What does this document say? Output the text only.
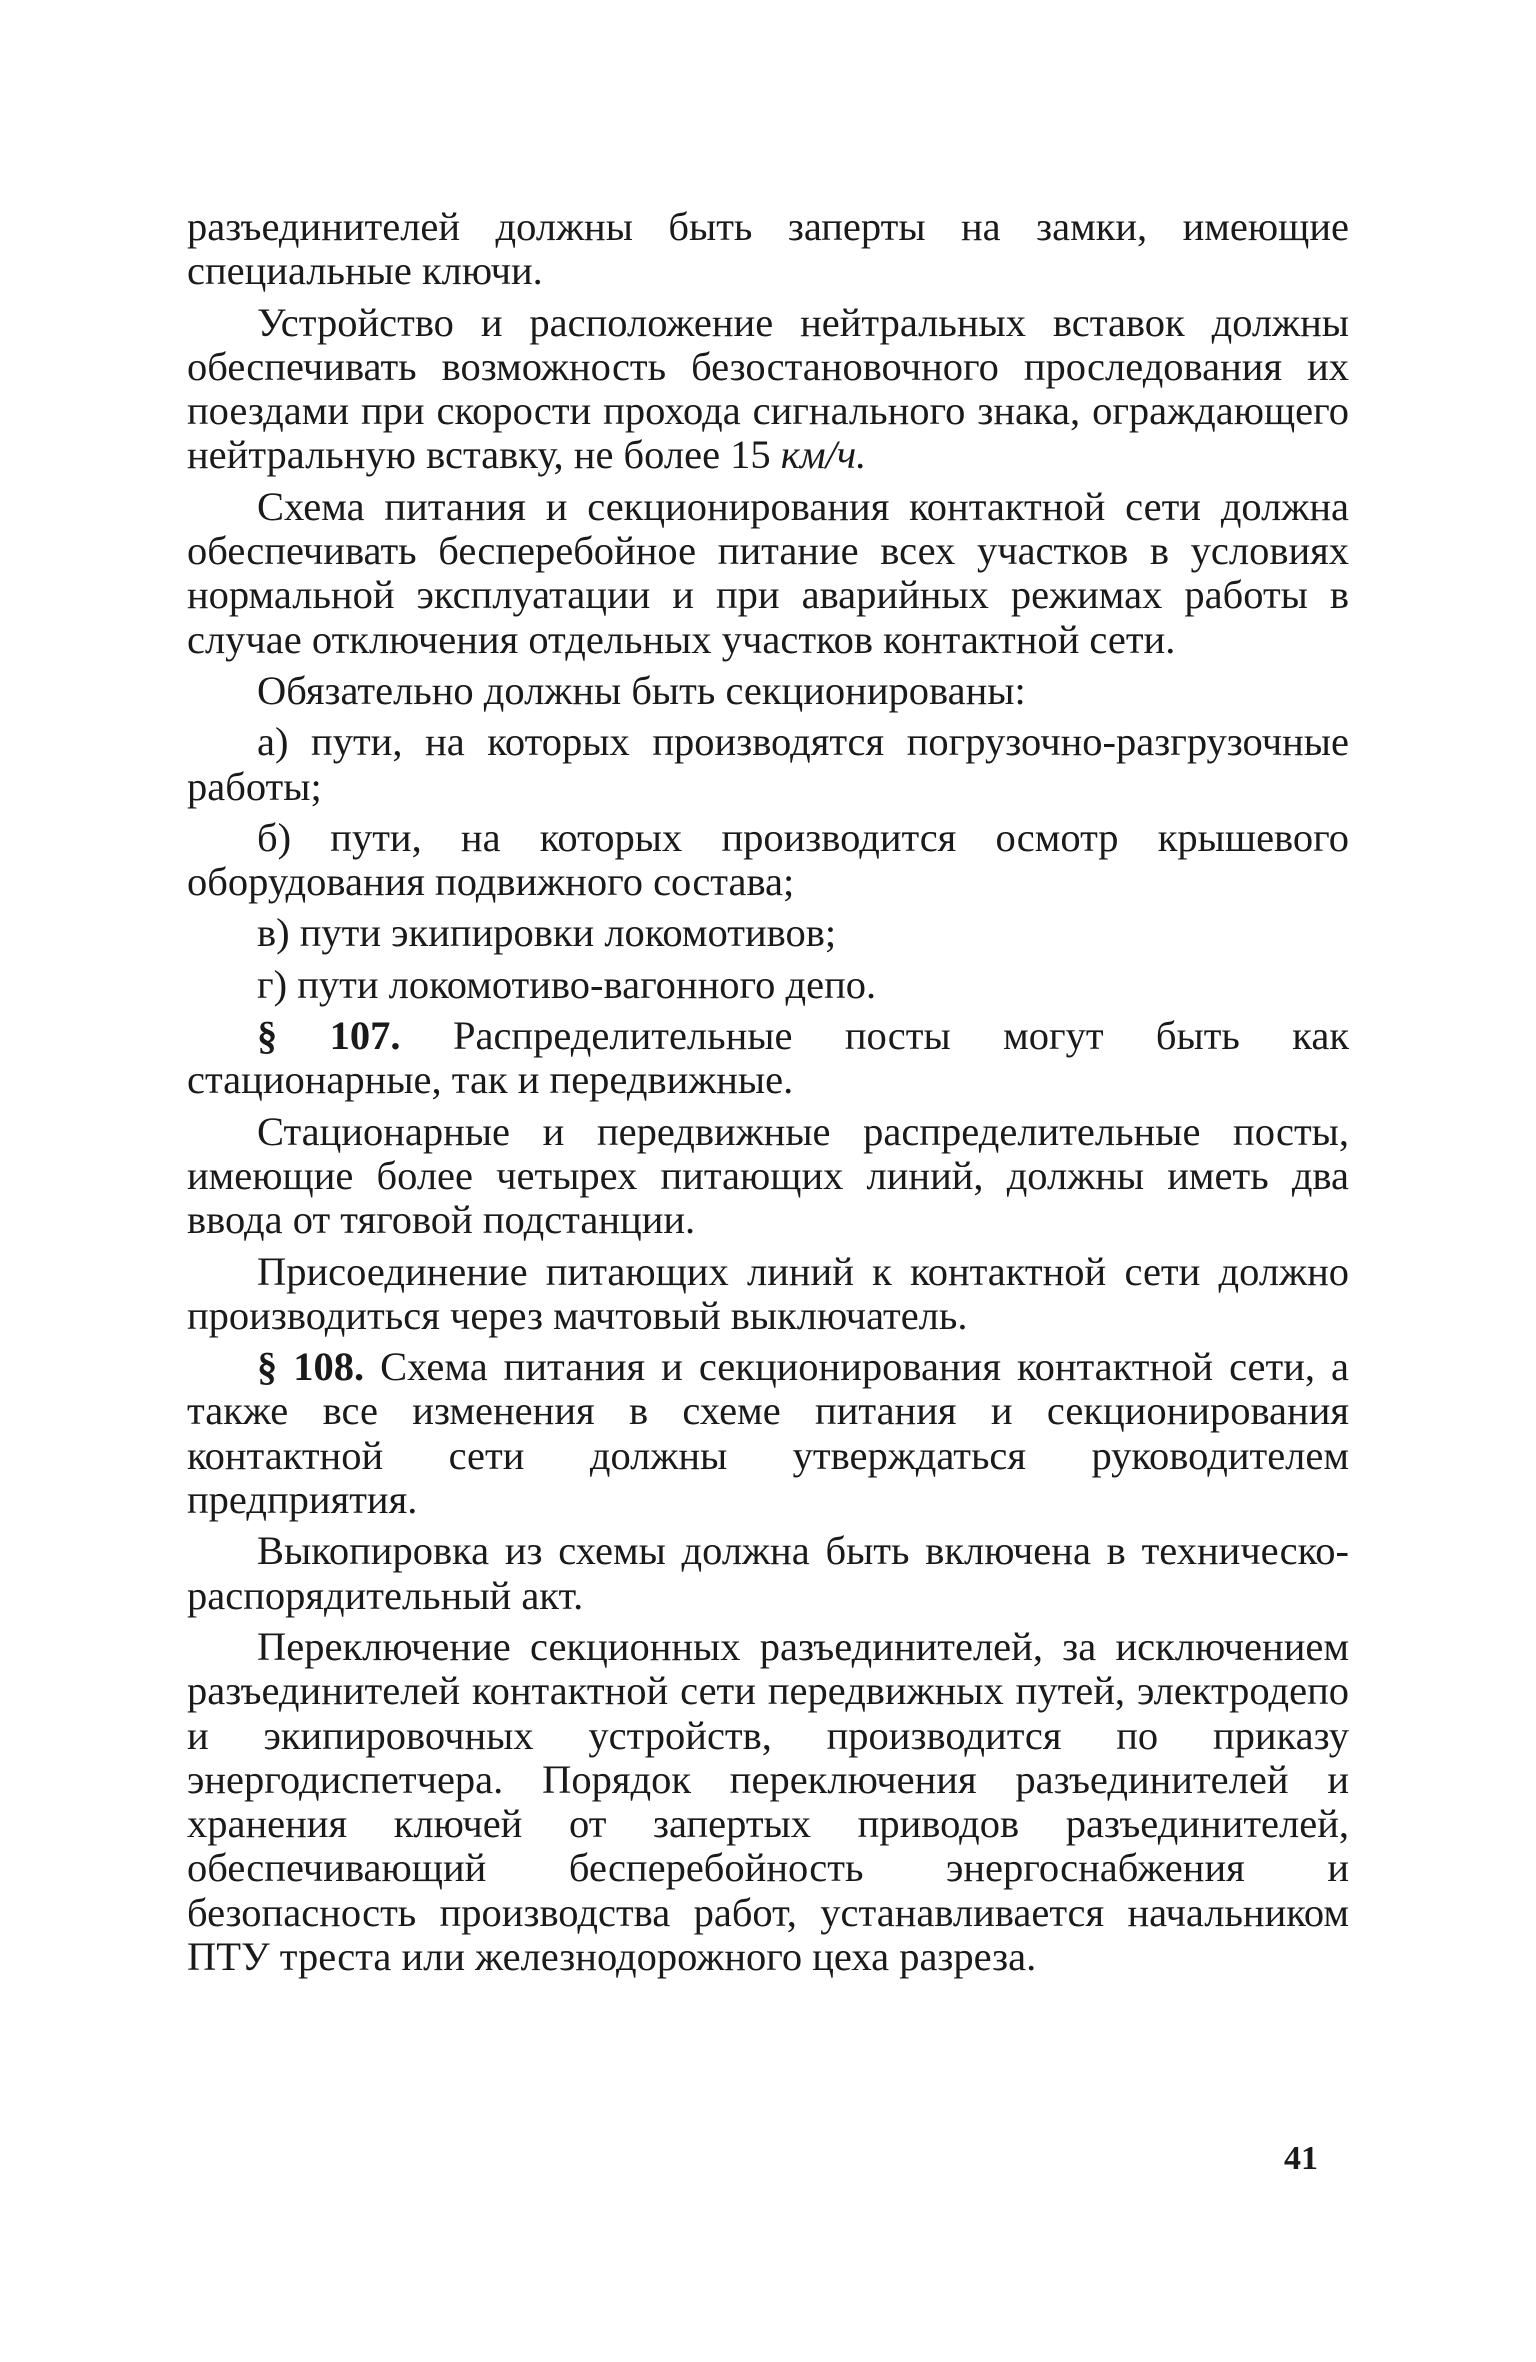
разъединителей должны быть заперты на замки, имеющие специальные ключи.

Устройство и расположение нейтральных вставок должны обеспечивать возможность безостановочного проследования их поездами при скорости прохода сигнального знака, ограждающего нейтральную вставку, не более 15 км/ч.

Схема питания и секционирования контактной сети должна обеспечивать бесперебойное питание всех участков в условиях нормальной эксплуатации и при аварийных режимах работы в случае отключения отдельных участков контактной сети.

Обязательно должны быть секционированы:

а) пути, на которых производятся погрузочно-разгрузочные работы;

б) пути, на которых производится осмотр крышевого оборудования подвижного состава;

в) пути экипировки локомотивов;

г) пути локомотиво-вагонного депо.

§ 107. Распределительные посты могут быть как стационарные, так и передвижные.

Стационарные и передвижные распределительные посты, имеющие более четырех питающих линий, должны иметь два ввода от тяговой подстанции.

Присоединение питающих линий к контактной сети должно производиться через мачтовый выключатель.

§ 108. Схема питания и секционирования контактной сети, а также все изменения в схеме питания и секционирования контактной сети должны утверждаться руководителем предприятия.

Выкопировка из схемы должна быть включена в техническо-распорядительный акт.

Переключение секционных разъединителей, за исключением разъединителей контактной сети передвижных путей, электродепо и экипировочных устройств, производится по приказу энергодиспетчера. Порядок переключения разъединителей и хранения ключей от запертых приводов разъединителей, обеспечивающий бесперебойность энергоснабжения и безопасность производства работ, устанавливается начальником ПТУ треста или железнодорожного цеха разреза.

41
